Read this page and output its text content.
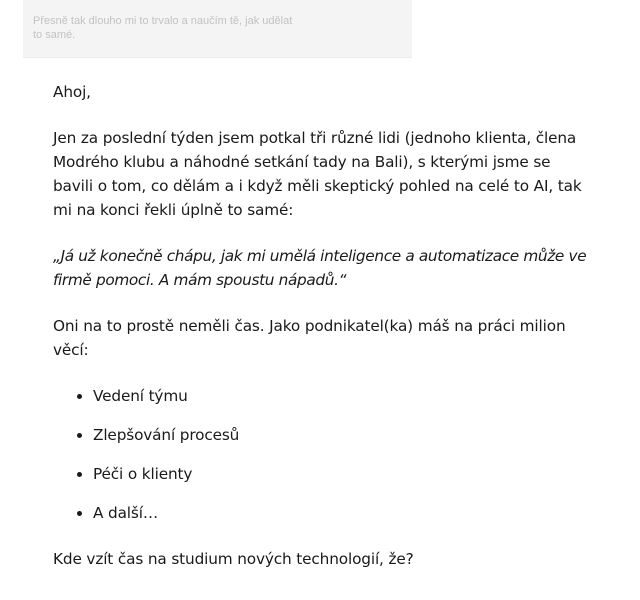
Přesně tak dlouho mi to trvalo a naučím tě, jak udělat to samé.

Ahoj,

Jen za poslední týden jsem potkal tři různé lidi (jednoho klienta, člena Modrého klubu a náhodné setkání tady na Bali), s kterými jsme se bavili o tom, co dělám a i když měli skeptický pohled na celé to AI, tak mi na konci řekli úplně to samé:

„Já už konečně chápu, jak mi umělá inteligence a automatizace může ve firmě pomoci. A mám spoustu nápadů.“

Oni na to prostě neměli čas. Jako podnikatel(ka) máš na práci milion věcí:

• Vedení týmu
• Zlepšování procesů
• Péči o klienty
• A další…

Kde vzít čas na studium nových technologií, že?
